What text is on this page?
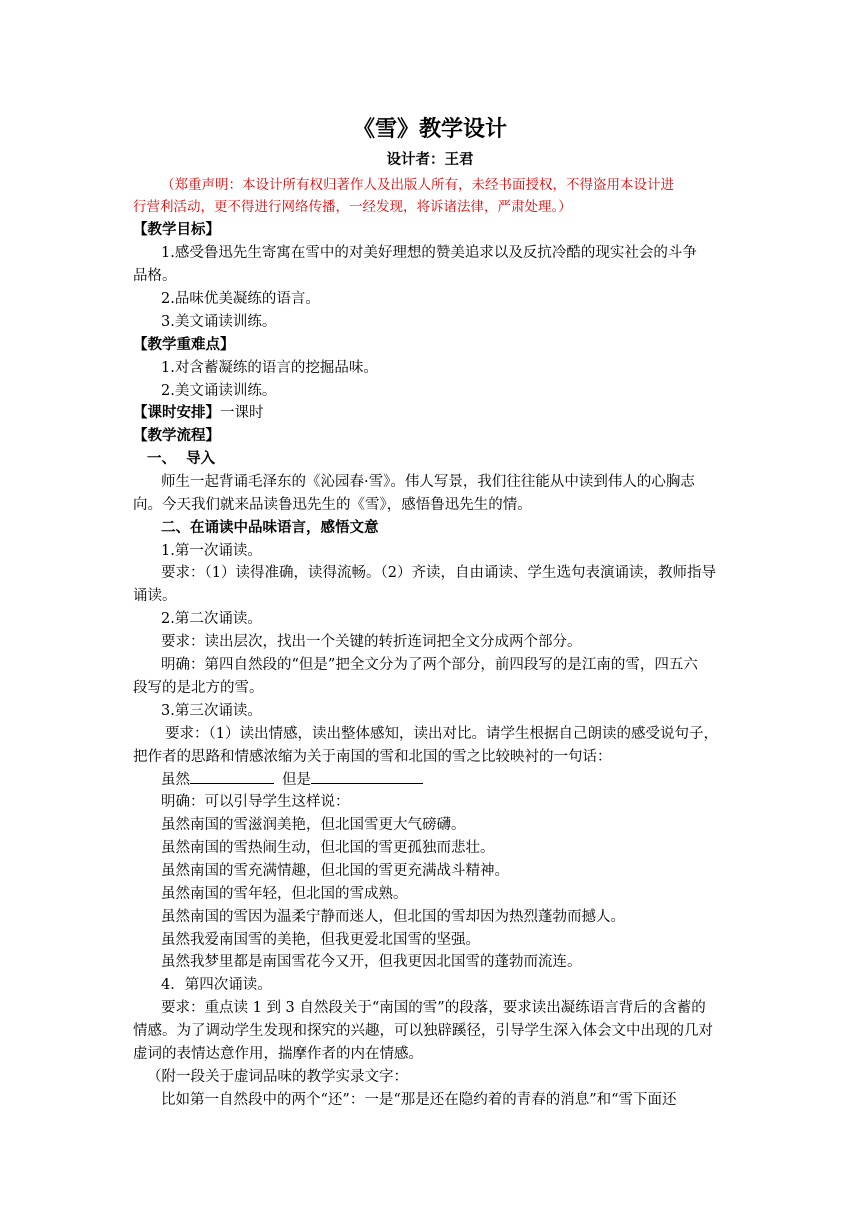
《雪》教学设计
设计者：王君
（郑重声明：本设计所有权归著作人及出版人所有，未经书面授权，不得盗用本设计进
行营利活动，更不得进行网络传播，一经发现，将诉诸法律，严肃处理。）
【教学目标】
1.感受鲁迅先生寄寓在雪中的对美好理想的赞美追求以及反抗冷酷的现实社会的斗争
品格。
2.品味优美凝练的语言。
3.美文诵读训练。
【教学重难点】
1.对含蓄凝练的语言的挖掘品味。
2.美文诵读训练。
【课时安排】一课时
【教学流程】
一、  导入
师生一起背诵毛泽东的《沁园春·雪》。伟人写景，我们往往能从中读到伟人的心胸志
向。今天我们就来品读鲁迅先生的《雪》，感悟鲁迅先生的情。
二、在诵读中品味语言，感悟文意
1.第一次诵读。
要求：（1）读得准确，读得流畅。（2）齐读，自由诵读、学生选句表演诵读，教师指导
诵读。
2.第二次诵读。
要求：读出层次，找出一个关键的转折连词把全文分成两个部分。
明确：第四自然段的“但是”把全文分为了两个部分，前四段写的是江南的雪，四五六
段写的是北方的雪。
3.第三次诵读。
要求：（1）读出情感，读出整体感知，读出对比。请学生根据自己朗读的感受说句子，
把作者的思路和情感浓缩为关于南国的雪和北国的雪之比较映衬的一句话：
虽然	但是
明确：可以引导学生这样说：
虽然南国的雪滋润美艳，但北国雪更大气磅礴。
虽然南国的雪热闹生动，但北国的雪更孤独而悲壮。
虽然南国的雪充满情趣，但北国的雪更充满战斗精神。
虽然南国的雪年轻，但北国的雪成熟。
虽然南国的雪因为温柔宁静而迷人，但北国的雪却因为热烈蓬勃而撼人。
虽然我爱南国雪的美艳，但我更爱北国雪的坚强。
虽然我梦里都是南国雪花今又开，但我更因北国雪的蓬勃而流连。
4．第四次诵读。
要求：重点读 1 到 3 自然段关于“南国的雪”的段落，要求读出凝练语言背后的含蓄的
情感。为了调动学生发现和探究的兴趣，可以独辟蹊径，引导学生深入体会文中出现的几对
虚词的表情达意作用，揣摩作者的内在情感。
（附一段关于虚词品味的教学实录文字：
比如第一自然段中的两个“还”：一是“那是还在隐约着的青春的消息”和“雪下面还
